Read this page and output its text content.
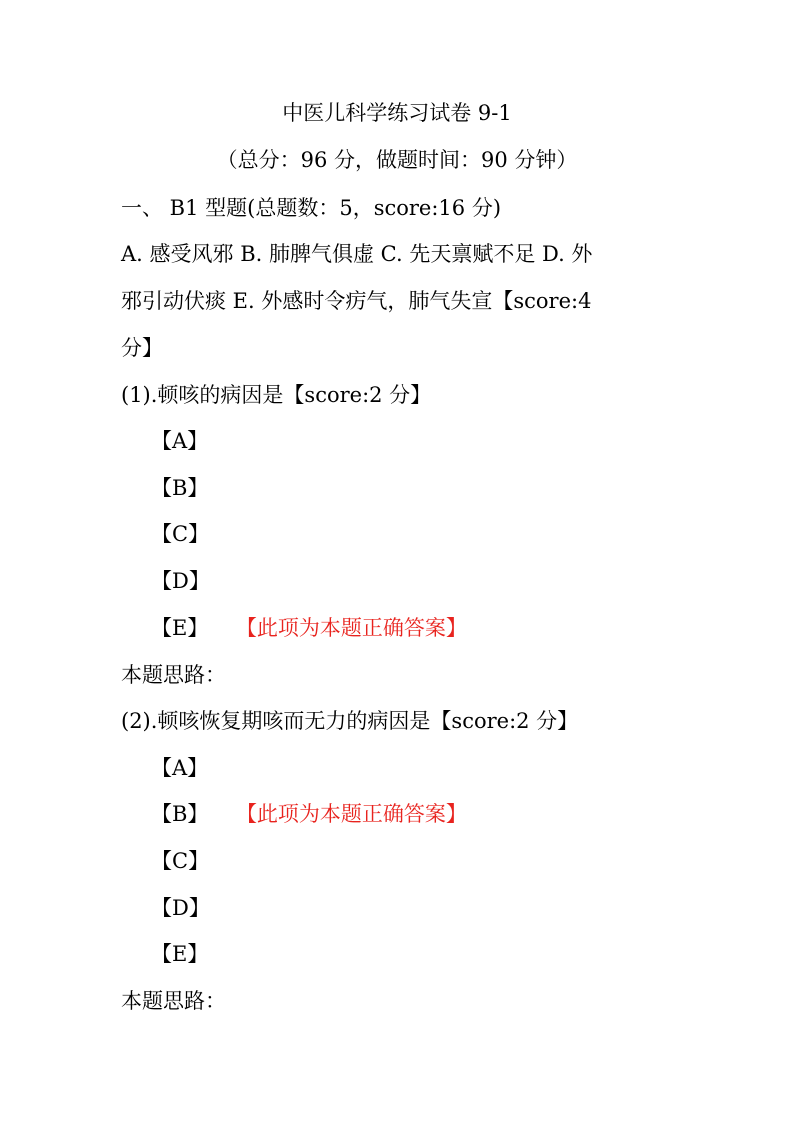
中医儿科学练习试卷 9-1
（总分：96 分，做题时间：90 分钟）
一、 B1 型题(总题数：5，score:16 分)
A. 感受风邪 B. 肺脾气俱虚 C. 先天禀赋不足 D. 外
邪引动伏痰 E. 外感时令疠气，肺气失宣【score:4
分】
(1).顿咳的病因是【score:2 分】
【A】
【B】
【C】
【D】
【E】 【此项为本题正确答案】
本题思路：
(2).顿咳恢复期咳而无力的病因是【score:2 分】
【A】
【B】 【此项为本题正确答案】
【C】
【D】
【E】
本题思路：
